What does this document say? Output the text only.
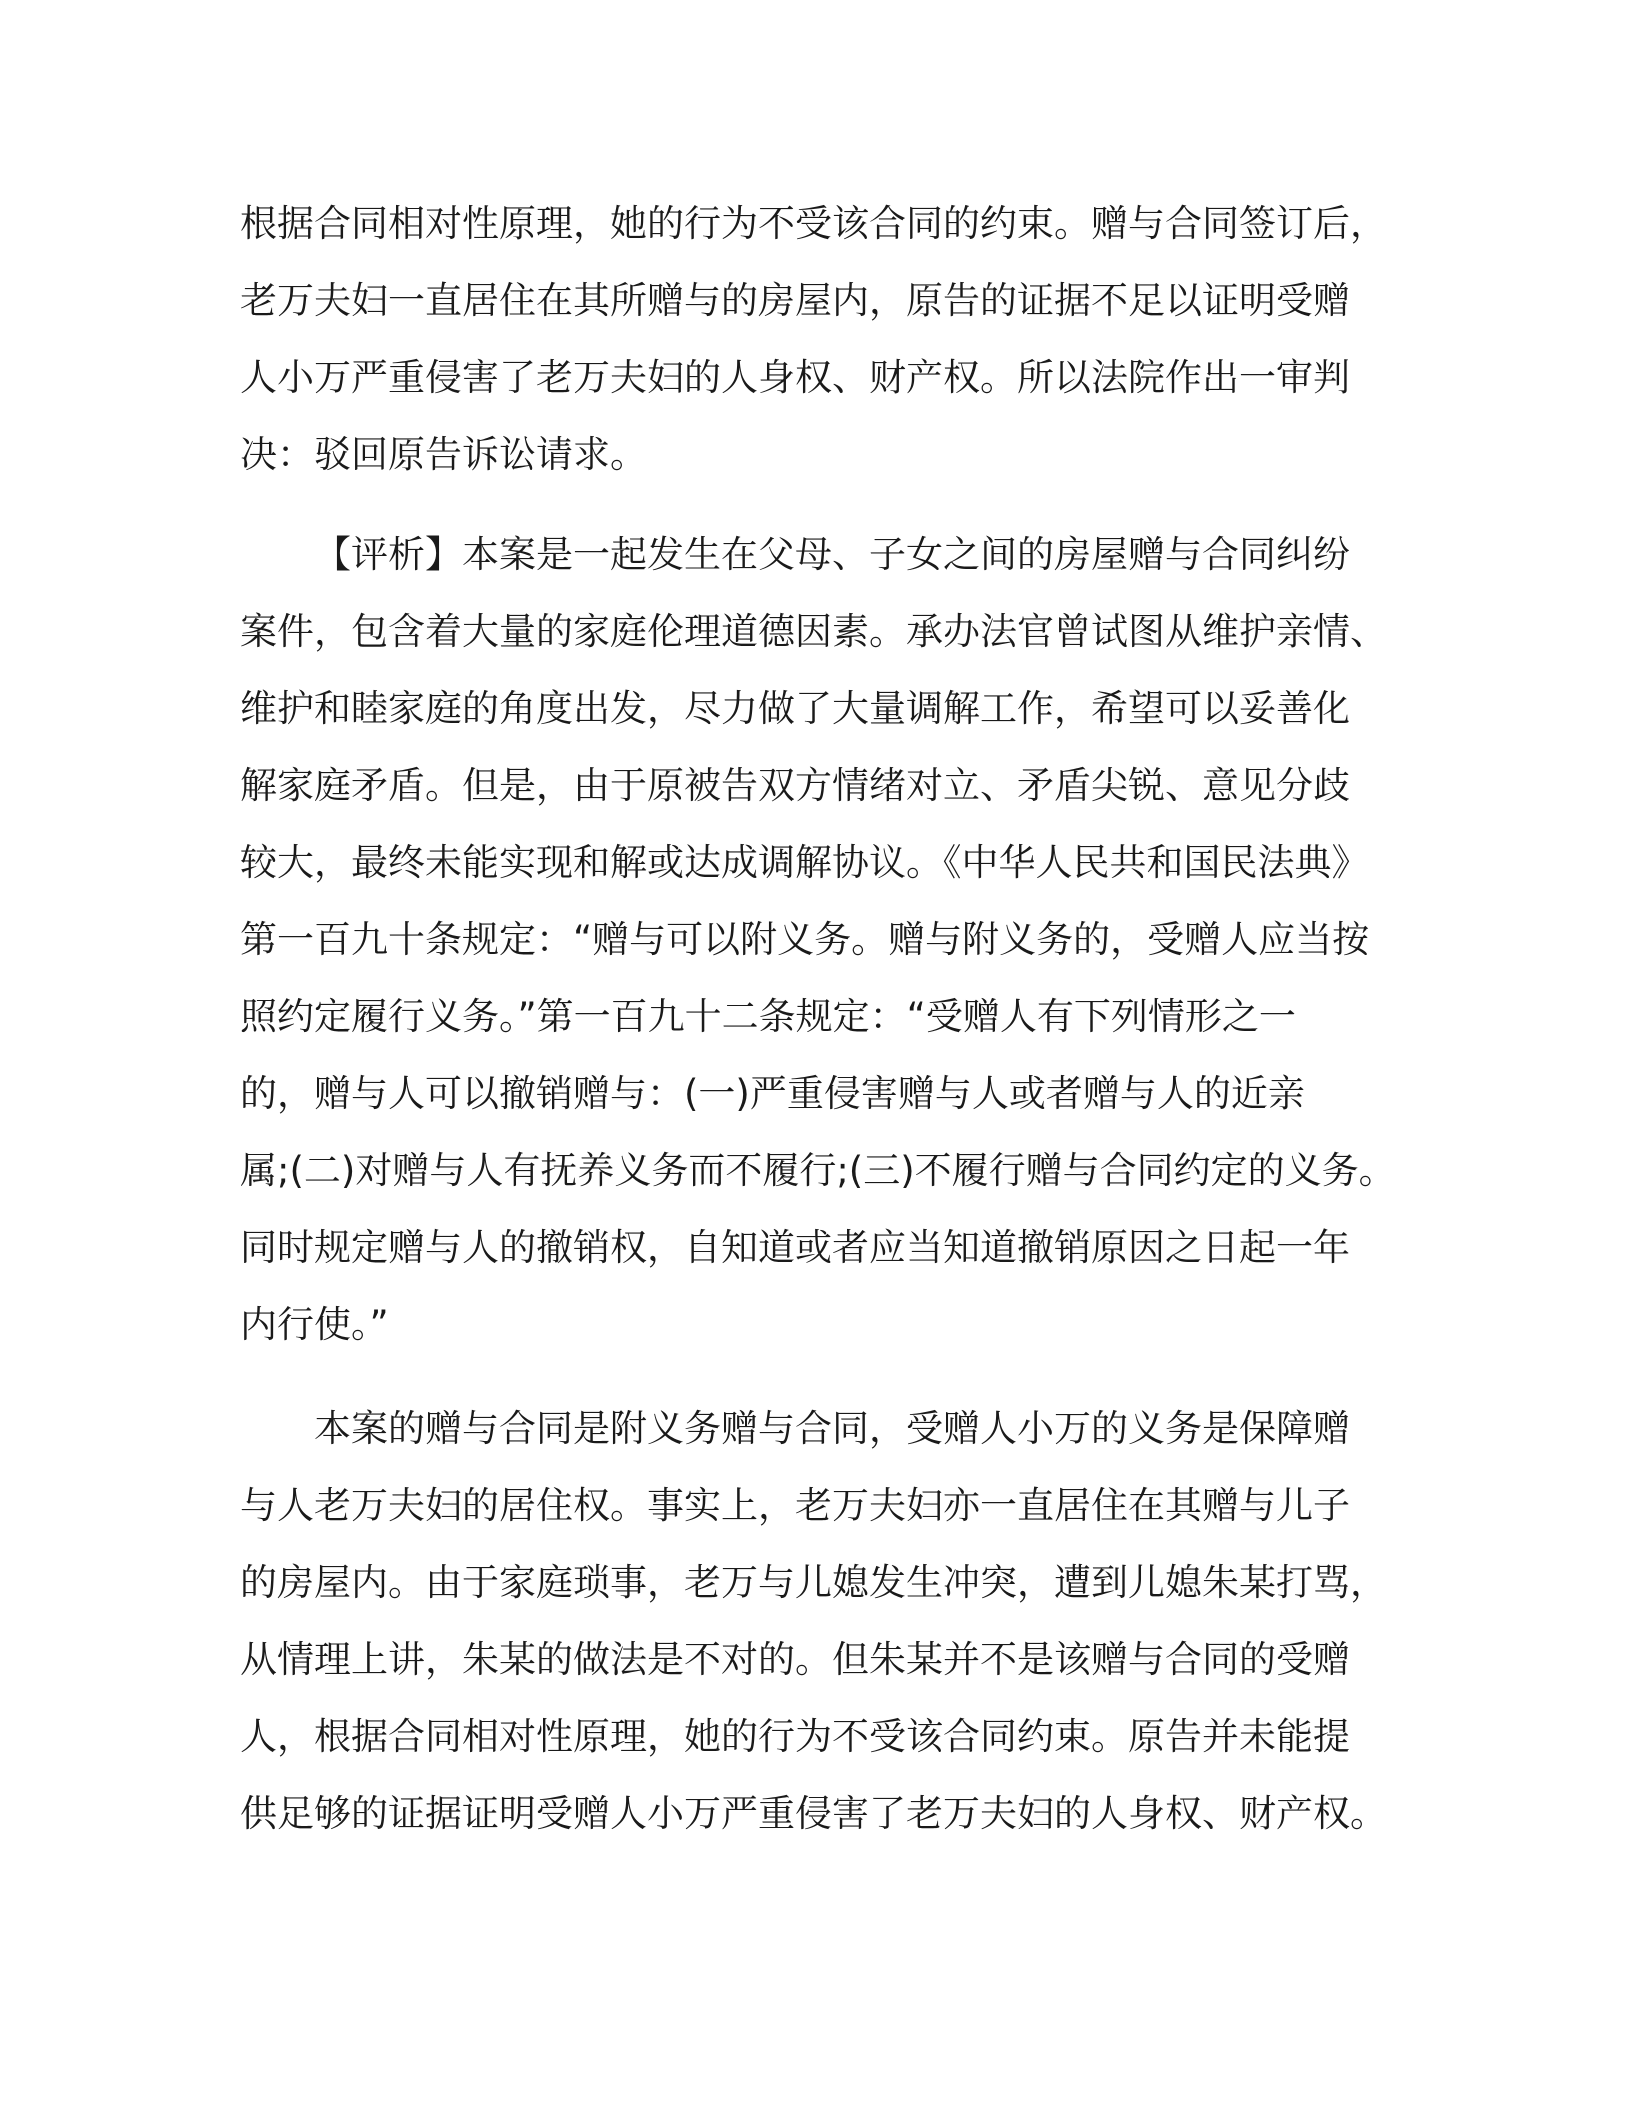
根据合同相对性原理，她的行为不受该合同的约束。赠与合同签订后，
老万夫妇一直居住在其所赠与的房屋内，原告的证据不足以证明受赠
人小万严重侵害了老万夫妇的人身权、财产权。所以法院作出一审判
决：驳回原告诉讼请求。
【评析】本案是一起发生在父母、子女之间的房屋赠与合同纠纷
案件，包含着大量的家庭伦理道德因素。承办法官曾试图从维护亲情、
维护和睦家庭的角度出发，尽力做了大量调解工作，希望可以妥善化
解家庭矛盾。但是，由于原被告双方情绪对立、矛盾尖锐、意见分歧
较大，最终未能实现和解或达成调解协议。《中华人民共和国民法典》
第一百九十条规定：“赠与可以附义务。赠与附义务的，受赠人应当按
照约定履行义务。”第一百九十二条规定：“受赠人有下列情形之一
的，赠与人可以撤销赠与：(一)严重侵害赠与人或者赠与人的近亲
属;(二)对赠与人有抚养义务而不履行;(三)不履行赠与合同约定的义务。
同时规定赠与人的撤销权，自知道或者应当知道撤销原因之日起一年
内行使。”
本案的赠与合同是附义务赠与合同，受赠人小万的义务是保障赠
与人老万夫妇的居住权。事实上，老万夫妇亦一直居住在其赠与儿子
的房屋内。由于家庭琐事，老万与儿媳发生冲突，遭到儿媳朱某打骂，
从情理上讲，朱某的做法是不对的。但朱某并不是该赠与合同的受赠
人，根据合同相对性原理，她的行为不受该合同约束。原告并未能提
供足够的证据证明受赠人小万严重侵害了老万夫妇的人身权、财产权。
